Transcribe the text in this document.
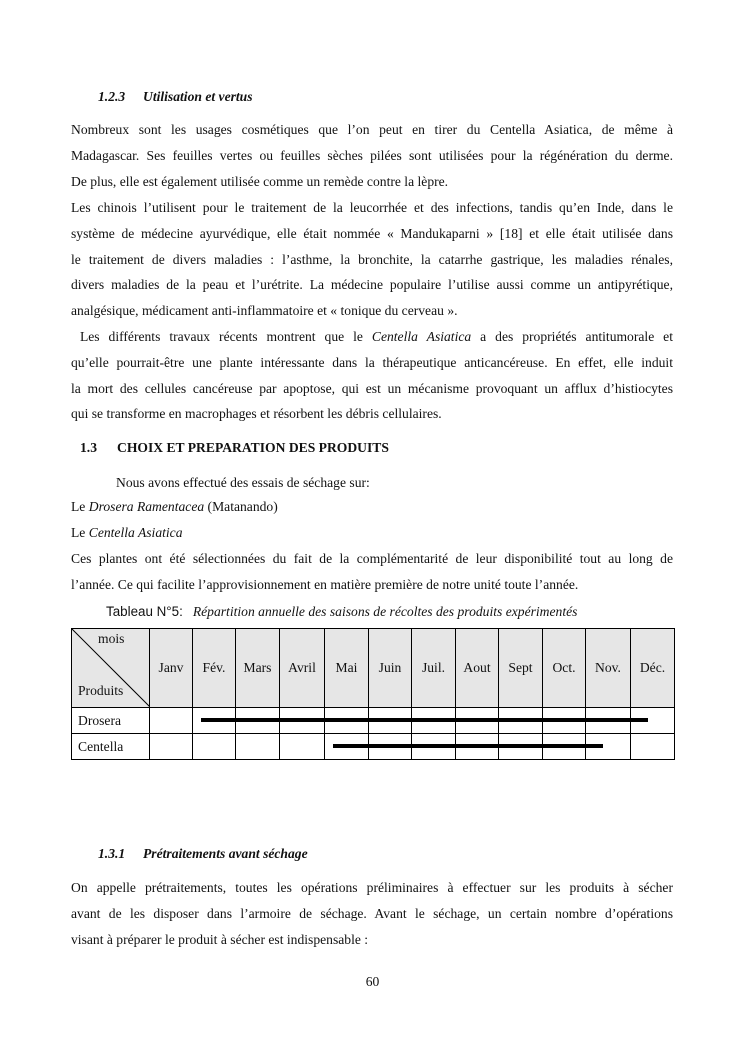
1.2.3 Utilisation et vertus
Nombreux sont les usages cosmétiques que l’on peut en tirer du Centella Asiatica, de même à
Madagascar. Ses feuilles vertes ou feuilles sèches pilées sont utilisées pour la régénération du derme.
De plus, elle est également utilisée comme un remède contre la lèpre.
Les chinois l’utilisent pour le traitement de la leucorrhée et des infections, tandis qu’en Inde, dans le
système de médecine ayurvédique, elle était nommée « Mandukaparni » [18] et elle était utilisée dans
le traitement de divers maladies : l’asthme, la bronchite, la catarrhe gastrique, les maladies rénales,
divers maladies de la peau et l’urétrite. La médecine populaire l’utilise aussi comme un antipyrétique,
analgésique, médicament anti-inflammatoire et « tonique du cerveau ».
Les différents travaux récents montrent que le Centella Asiatica a des propriétés antitumorale et
qu’elle pourrait-être une plante intéressante dans la thérapeutique anticancéreuse. En effet, elle induit
la mort des cellules cancéreuse par apoptose, qui est un mécanisme provoquant un afflux d’histiocytes
qui se transforme en macrophages et résorbent les débris cellulaires.
1.3 CHOIX ET PREPARATION DES PRODUITS
Nous avons effectué des essais de séchage sur:
Le Drosera Ramentacea (Matanando)
Le Centella Asiatica
Ces plantes ont été sélectionnées du fait de la complémentarité de leur disponibilité tout au long de
l’année. Ce qui facilite l’approvisionnement en matière première de notre unité toute l’année.
Tableau N°5: Répartition annuelle des saisons de récoltes des produits expérimentés
mois
Produits	Janv	Fév.	Mars	Avril	Mai	Juin	Juil.	Aout	Sept	Oct.	Nov.	Déc.
Drosera												
Centella												
1.3.1 Prétraitements avant séchage
On appelle prétraitements, toutes les opérations préliminaires à effectuer sur les produits à sécher
avant de les disposer dans l’armoire de séchage. Avant le séchage, un certain nombre d’opérations
visant à préparer le produit à sécher est indispensable :
60
